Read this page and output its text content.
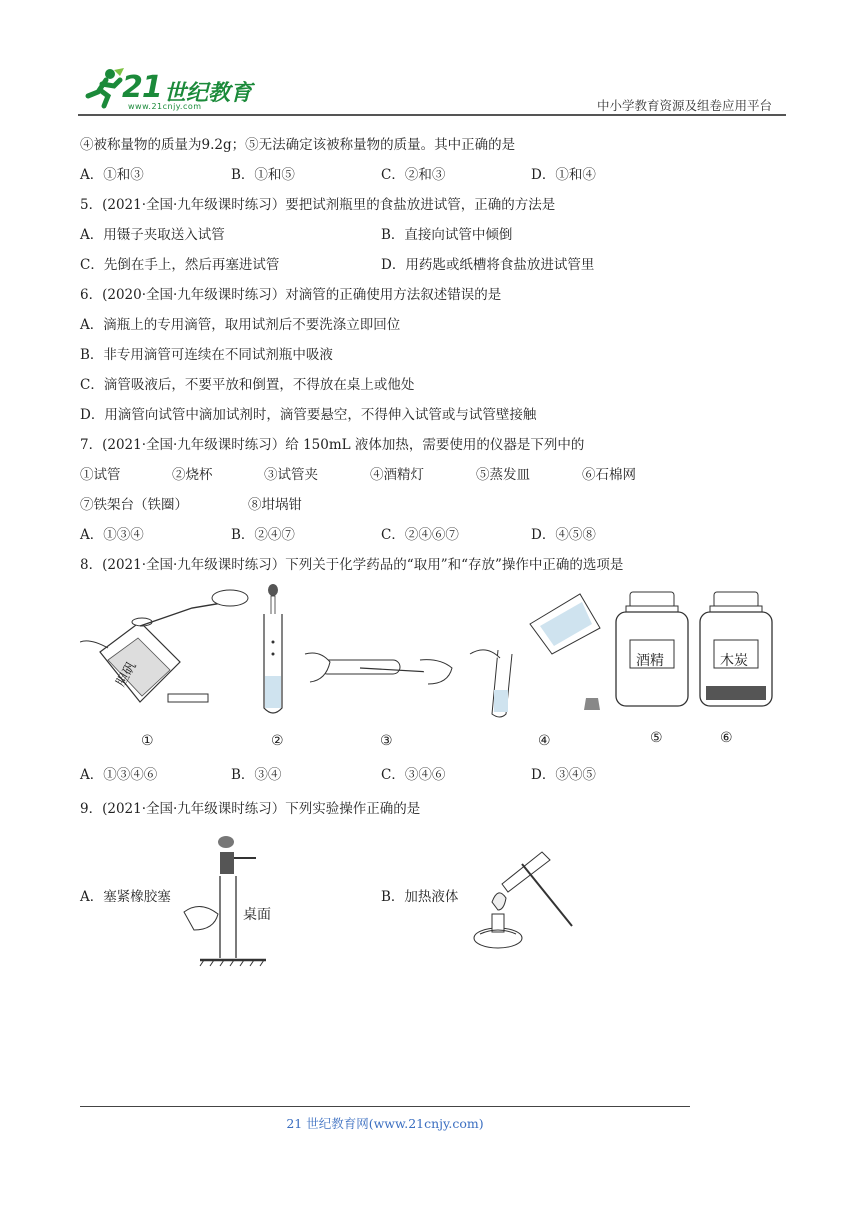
21 世纪教育
www.21cnjy.com	中小学教育资源及组卷应用平台
④被称量物的质量为9.2g；⑤无法确定该被称量物的质量。其中正确的是
A．①和③	B．①和⑤	C．②和③	D．①和④
5．(2021·全国·九年级课时练习）要把试剂瓶里的食盐放进试管，正确的方法是
A．用镊子夹取送入试管	B．直接向试管中倾倒
C．先倒在手上，然后再塞进试管	D．用药匙或纸槽将食盐放进试管里
6．(2020·全国·九年级课时练习）对滴管的正确使用方法叙述错误的是
A．滴瓶上的专用滴管，取用试剂后不要洗涤立即回位
B．非专用滴管可连续在不同试剂瓶中吸液
C．滴管吸液后，不要平放和倒置，不得放在桌上或他处
D．用滴管向试管中滴加试剂时，滴管要悬空，不得伸入试管或与试管壁接触
7．(2021·全国·九年级课时练习）给 150mL 液体加热，需要使用的仪器是下列中的
①试管	②烧杯	③试管夹	④酒精灯	⑤蒸发皿	⑥石棉网
⑦铁架台（铁圈）	⑧坩埚钳
A．①③④	B．②④⑦	C．②④⑥⑦	D．④⑤⑧
8．(2021·全国·九年级课时练习）下列关于化学药品的“取用”和“存放”操作中正确的选项是
胆矾	酒精	木炭
①	②	③	④	⑤	⑥
A．①③④⑥	B．③④	C．③④⑥	D．③④⑤
9．(2021·全国·九年级课时练习）下列实验操作正确的是
A．塞紧橡胶塞
桌面
B．加热液体
21 世纪教育网(www.21cnjy.com)
